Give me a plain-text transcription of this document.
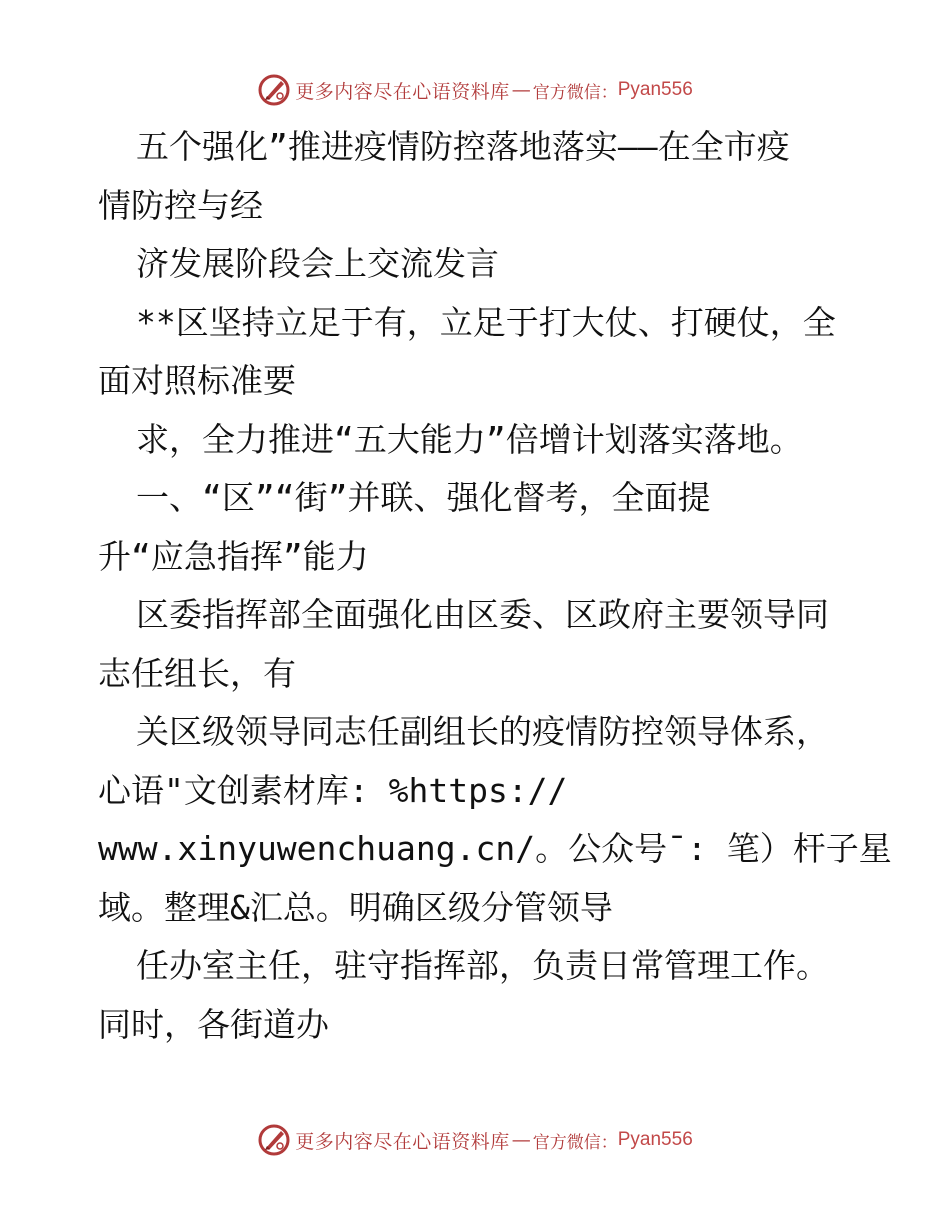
更多内容尽在心语资料库 — 官方微信： Pyan556
五个强化”推进疫情防控落地落实——在全市疫
情防控与经
济发展阶段会上交流发言
**区坚持立足于有，立足于打大仗、打硬仗，全
面对照标准要
求，全力推进“五大能力”倍增计划落实落地。
一、“区”“街”并联、强化督考，全面提
升“应急指挥”能力
区委指挥部全面强化由区委、区政府主要领导同
志任组长，有
关区级领导同志任副组长的疫情防控领导体系，
心语"文创素材库: %https://
www.xinyuwenchuang.cn/。公众号¯: 笔）杆子星
域。整理&汇总。明确区级分管领导
任办室主任，驻守指挥部，负责日常管理工作。
同时，各街道办
更多内容尽在心语资料库 — 官方微信： Pyan556
